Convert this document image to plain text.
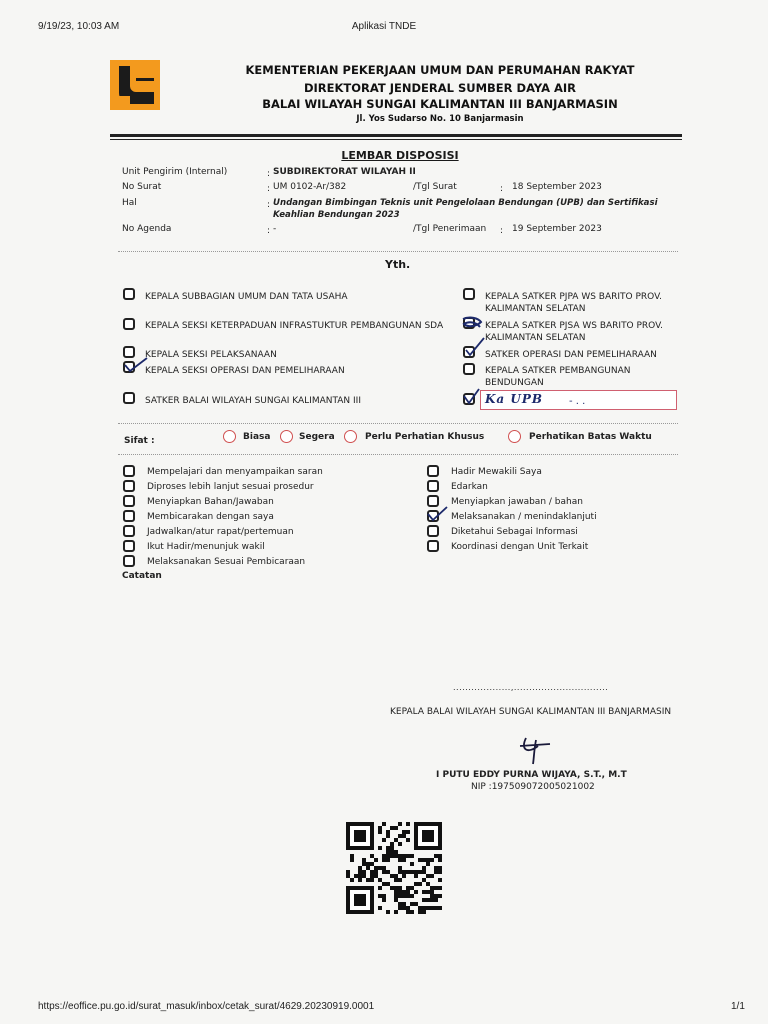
9/19/23, 10:03 AM	Aplikasi TNDE
KEMENTERIAN PEKERJAAN UMUM DAN PERUMAHAN RAKYAT
DIREKTORAT JENDERAL SUMBER DAYA AIR
BALAI WILAYAH SUNGAI KALIMANTAN III BANJARMASIN
Jl. Yos Sudarso No. 10 Banjarmasin
LEMBAR DISPOSISI
Unit Pengirim (Internal)	: SUBDIREKTORAT WILAYAH II
No Surat	: UM 0102-Ar/382	/Tgl Surat	: 18 September 2023
Hal	: Undangan Bimbingan Teknis unit Pengelolaan Bendungan (UPB) dan Sertifikasi
Keahlian Bendungan 2023
No Agenda	: -	/Tgl Penerimaan : 19 September 2023
Yth.
KEPALA SUBBAGIAN UMUM DAN TATA USAHA
KEPALA SEKSI KETERPADUAN INFRASTUKTUR PEMBANGUNAN SDA
KEPALA SEKSI PELAKSANAAN
KEPALA SEKSI OPERASI DAN PEMELIHARAAN
SATKER BALAI WILAYAH SUNGAI KALIMANTAN III
KEPALA SATKER PJPA WS BARITO PROV.
KALIMANTAN SELATAN
KEPALA SATKER PJSA WS BARITO PROV.
KALIMANTAN SELATAN
SATKER OPERASI DAN PEMELIHARAAN
KEPALA SATKER PEMBANGUNAN
BENDUNGAN
Ka UPB	- . .
Sifat :	Biasa	Segera	Perlu Perhatian Khusus	Perhatikan Batas Waktu
Mempelajari dan menyampaikan saran
Diproses lebih lanjut sesuai prosedur
Menyiapkan Bahan/Jawaban
Membicarakan dengan saya
Jadwalkan/atur rapat/pertemuan
Ikut Hadir/menunjuk wakil
Melaksanakan Sesuai Pembicaraan
Hadir Mewakili Saya
Edarkan
Menyiapkan jawaban / bahan
Melaksanakan / menindaklanjuti
Diketahui Sebagai Informasi
Koordinasi dengan Unit Terkait
Catatan
...................,...............................
KEPALA BALAI WILAYAH SUNGAI KALIMANTAN III BANJARMASIN
I PUTU EDDY PURNA WIJAYA, S.T., M.T
NIP :197509072005021002
https://eoffice.pu.go.id/surat_masuk/inbox/cetak_surat/4629.20230919.0001	1/1
